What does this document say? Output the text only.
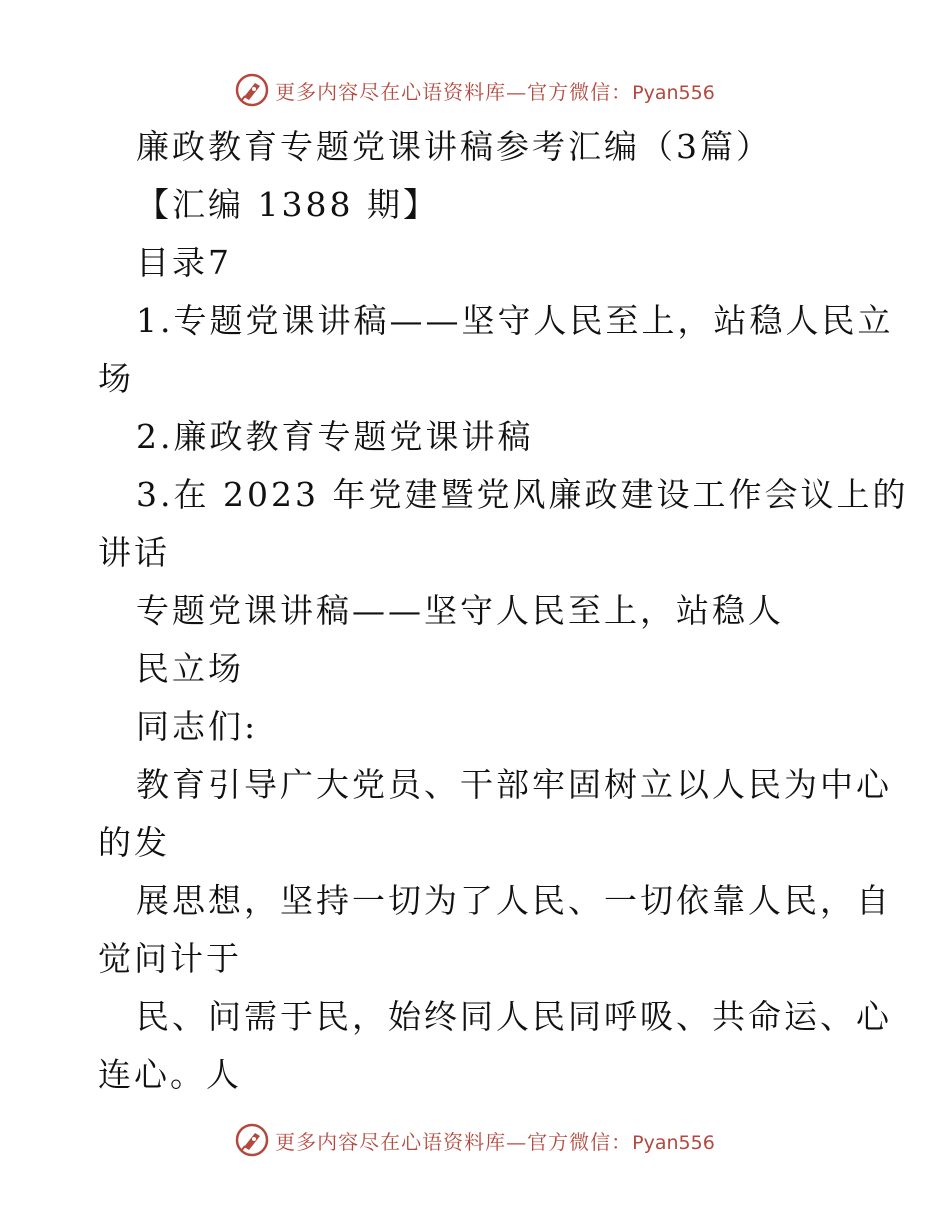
更多内容尽在心语资料库—官方微信：Pyan556
廉政教育专题党课讲稿参考汇编（3篇）
【汇编 1388 期】
目录7
1.专题党课讲稿——坚守人民至上，站稳人民立
场
2.廉政教育专题党课讲稿
3.在 2023 年党建暨党风廉政建设工作会议上的
讲话
专题党课讲稿——坚守人民至上，站稳人
民立场
同志们:
教育引导广大党员、干部牢固树立以人民为中心
的发
展思想，坚持一切为了人民、一切依靠人民，自
觉问计于
民、问需于民，始终同人民同呼吸、共命运、心
连心。人
更多内容尽在心语资料库—官方微信：Pyan556
